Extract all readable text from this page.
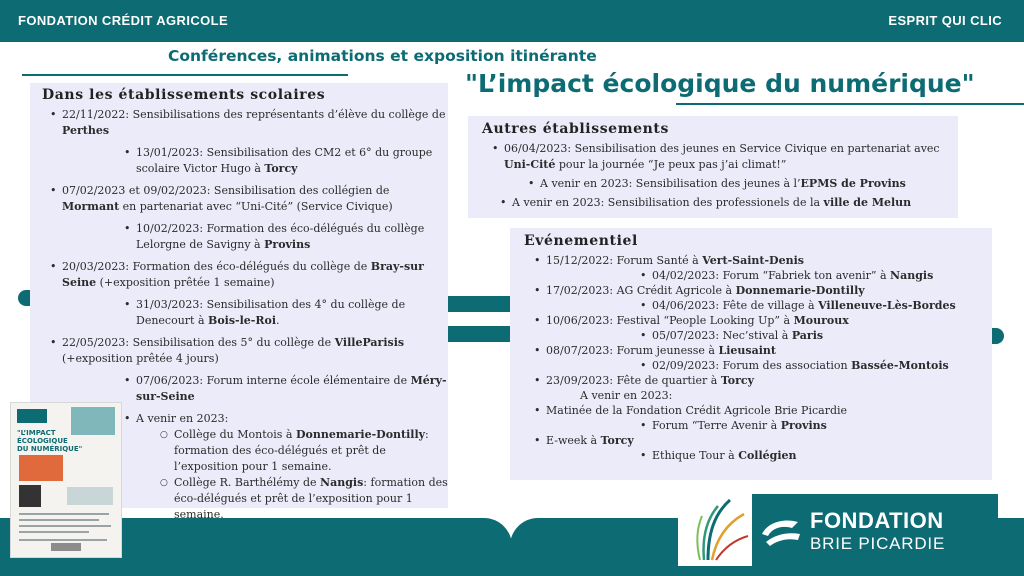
FONDATION CRÉDIT AGRICOLE	ESPRIT QUI CLIC
Conférences, animations et exposition itinérante
"L’impact écologique du numérique"
Dans les établissements scolaires
• 22/11/2022: Sensibilisations des représentants d’élève du collège de Perthes
• 13/01/2023: Sensibilisation des CM2 et 6° du groupe scolaire Victor Hugo à Torcy
• 07/02/2023 et 09/02/2023: Sensibilisation des collégien de Mormant en partenariat avec “Uni-Cité” (Service Civique)
• 10/02/2023: Formation des éco-délégués du collège Lelorgne de Savigny à Provins
• 20/03/2023: Formation des éco-délégués du collège de Bray-sur Seine (+exposition prêtée 1 semaine)
• 31/03/2023: Sensibilisation des 4° du collège de Denecourt à Bois-le-Roi.
• 22/05/2023: Sensibilisation des 5° du collège de VilleParisis (+exposition prêtée 4 jours)
• 07/06/2023: Forum interne école élémentaire de Méry-sur-Seine
• A venir en 2023:
○ Collège du Montois à Donnemarie-Dontilly: formation des éco-délégués et prêt de l’exposition pour 1 semaine.
○ Collège R. Barthélémy de Nangis: formation des éco-délégués et prêt de l’exposition pour 1 semaine.
Autres établissements
• 06/04/2023: Sensibilisation des jeunes en Service Civique en partenariat avec Uni-Cité pour la journée “Je peux pas j’ai climat!”
• A venir en 2023: Sensibilisation des jeunes à l’EPMS de Provins
• A venir en 2023: Sensibilisation des professionels de la ville de Melun
Evénementiel
• 15/12/2022: Forum Santé à Vert-Saint-Denis
• 04/02/2023: Forum “Fabriek ton avenir” à Nangis
• 17/02/2023: AG Crédit Agricole à Donnemarie-Dontilly
• 04/06/2023: Fête de village à Villeneuve-Lès-Bordes
• 10/06/2023: Festival “People Looking Up” à Mouroux
• 05/07/2023: Nec’stival à Paris
• 08/07/2023: Forum jeunesse à Lieusaint
• 02/09/2023: Forum des association Bassée-Montois
• 23/09/2023: Fête de quartier à Torcy
A venir en 2023:
• Matinée de la Fondation Crédit Agricole Brie Picardie
• Forum “Terre Avenir à Provins
• E-week à Torcy
• Ethique Tour à Collégien
"L’IMPACT
ÉCOLOGIQUE
DU NUMÉRIQUE"
FONDATION
BRIE PICARDIE
